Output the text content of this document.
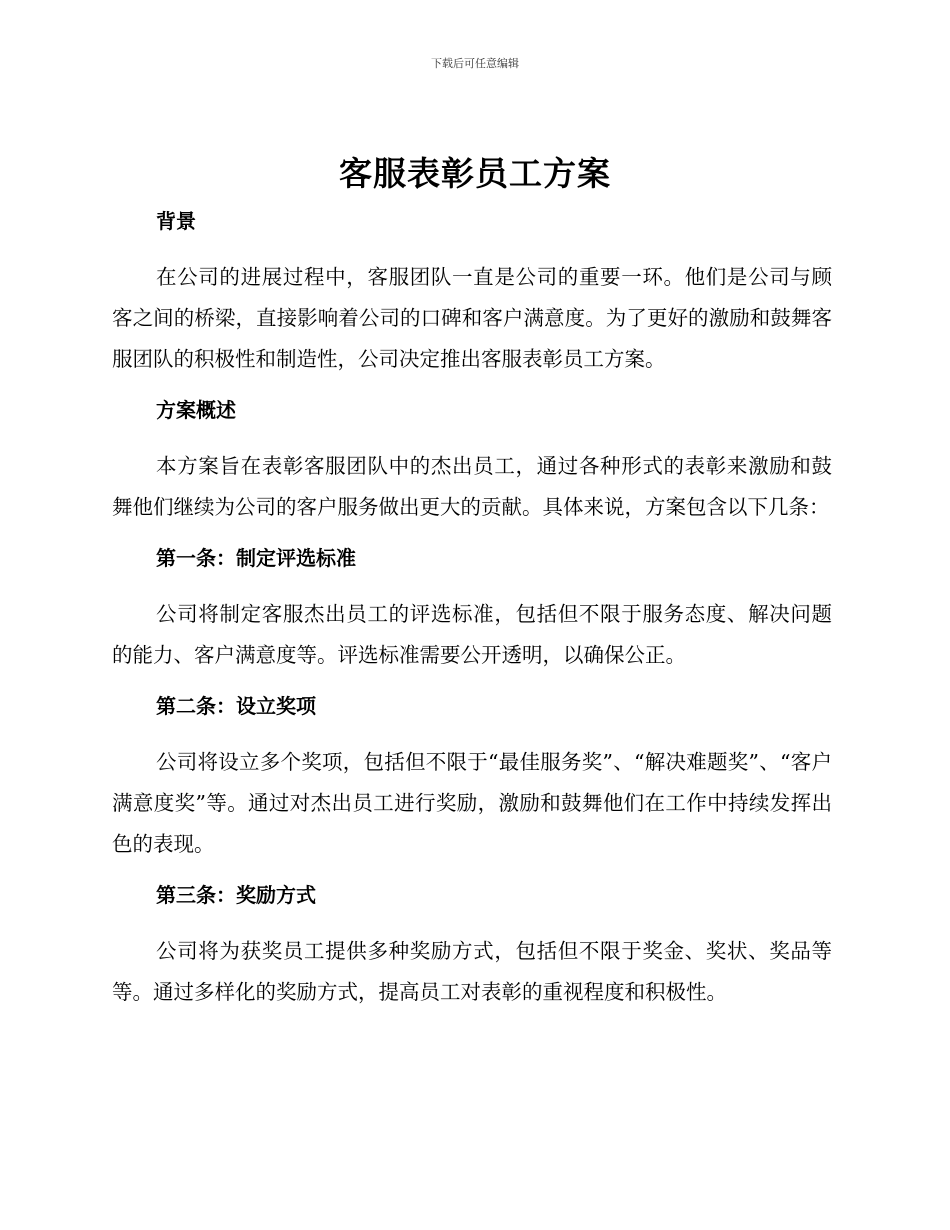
下载后可任意编辑
客服表彰员工方案
背景

在公司的进展过程中，客服团队一直是公司的重要一环。他们是公司与顾客之间的桥梁，直接影响着公司的口碑和客户满意度。为了更好的激励和鼓舞客服团队的积极性和制造性，公司决定推出客服表彰员工方案。

方案概述

本方案旨在表彰客服团队中的杰出员工，通过各种形式的表彰来激励和鼓舞他们继续为公司的客户服务做出更大的贡献。具体来说，方案包含以下几条：

第一条：制定评选标准

公司将制定客服杰出员工的评选标准，包括但不限于服务态度、解决问题的能力、客户满意度等。评选标准需要公开透明，以确保公正。

第二条：设立奖项

公司将设立多个奖项，包括但不限于“最佳服务奖”、“解决难题奖”、“客户满意度奖”等。通过对杰出员工进行奖励，激励和鼓舞他们在工作中持续发挥出色的表现。

第三条：奖励方式

公司将为获奖员工提供多种奖励方式，包括但不限于奖金、奖状、奖品等等。通过多样化的奖励方式，提高员工对表彰的重视程度和积极性。
